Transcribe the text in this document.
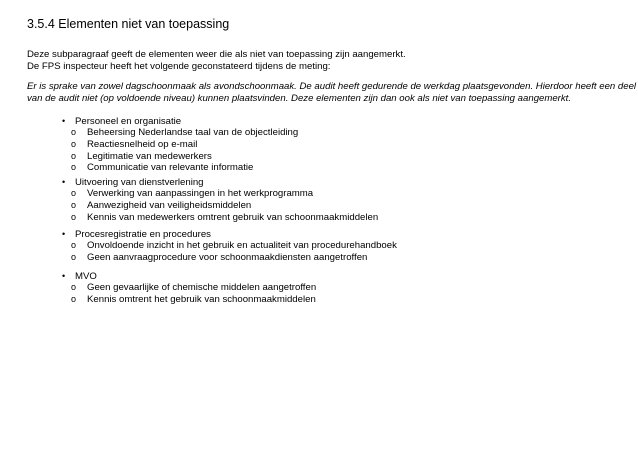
3.5.4 Elementen niet van toepassing
Deze subparagraaf geeft de elementen weer die als niet van toepassing zijn aangemerkt.
De FPS inspecteur heeft het volgende geconstateerd tijdens de meting:
Er is sprake van zowel dagschoonmaak als avondschoonmaak. De audit heeft gedurende de werkdag plaatsgevonden. Hierdoor heeft een deel
van de audit niet (op voldoende niveau) kunnen plaatsvinden. Deze elementen zijn dan ook als niet van toepassing aangemerkt.
• Personeel en organisatie
o Beheersing Nederlandse taal van de objectleiding
o Reactiesnelheid op e-mail
o Legitimatie van medewerkers
o Communicatie van relevante informatie
• Uitvoering van dienstverlening
o Verwerking van aanpassingen in het werkprogramma
o Aanwezigheid van veiligheidsmiddelen
o Kennis van medewerkers omtrent gebruik van schoonmaakmiddelen
• Procesregistratie en procedures
o Onvoldoende inzicht in het gebruik en actualiteit van procedurehandboek
o Geen aanvraagprocedure voor schoonmaakdiensten aangetroffen
• MVO
o Geen gevaarlijke of chemische middelen aangetroffen
o Kennis omtrent het gebruik van schoonmaakmiddelen
